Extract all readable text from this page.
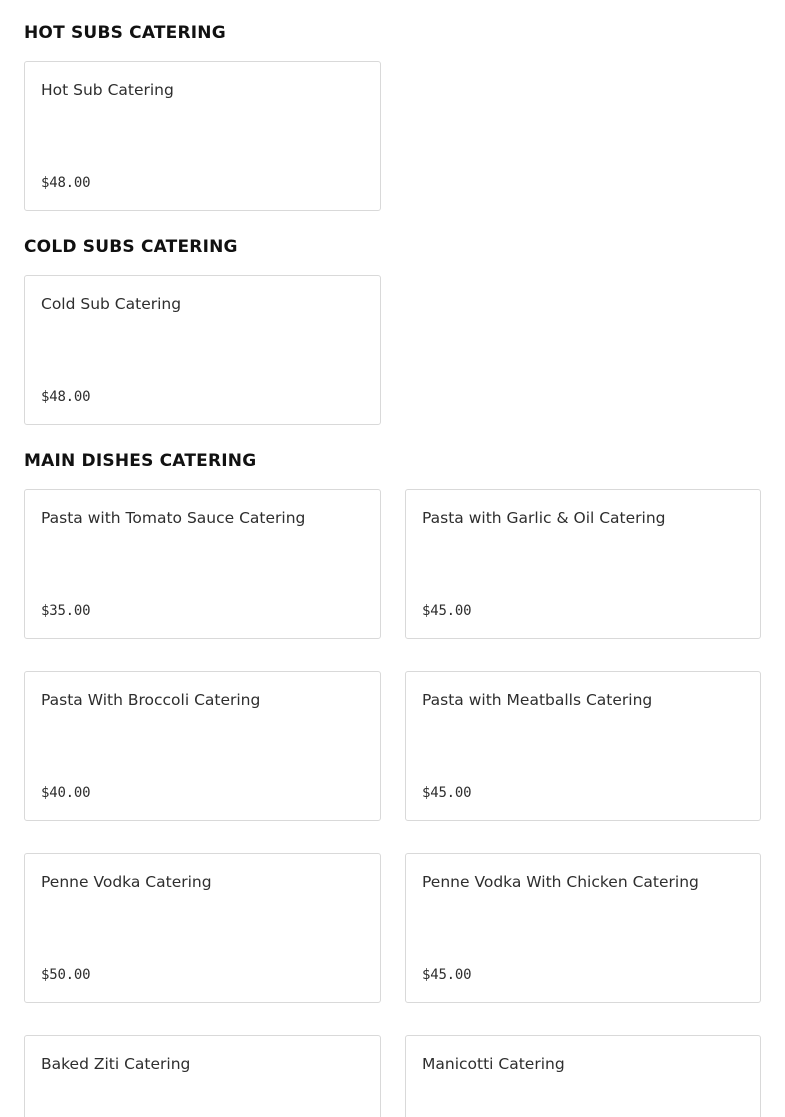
HOT SUBS CATERING
Hot Sub Catering
$48.00
COLD SUBS CATERING
Cold Sub Catering
$48.00
MAIN DISHES CATERING
Pasta with Tomato Sauce Catering
$35.00
Pasta with Garlic & Oil Catering
$45.00
Pasta With Broccoli Catering
$40.00
Pasta with Meatballs Catering
$45.00
Penne Vodka Catering
$50.00
Penne Vodka With Chicken Catering
$45.00
Baked Ziti Catering	Manicotti Catering
